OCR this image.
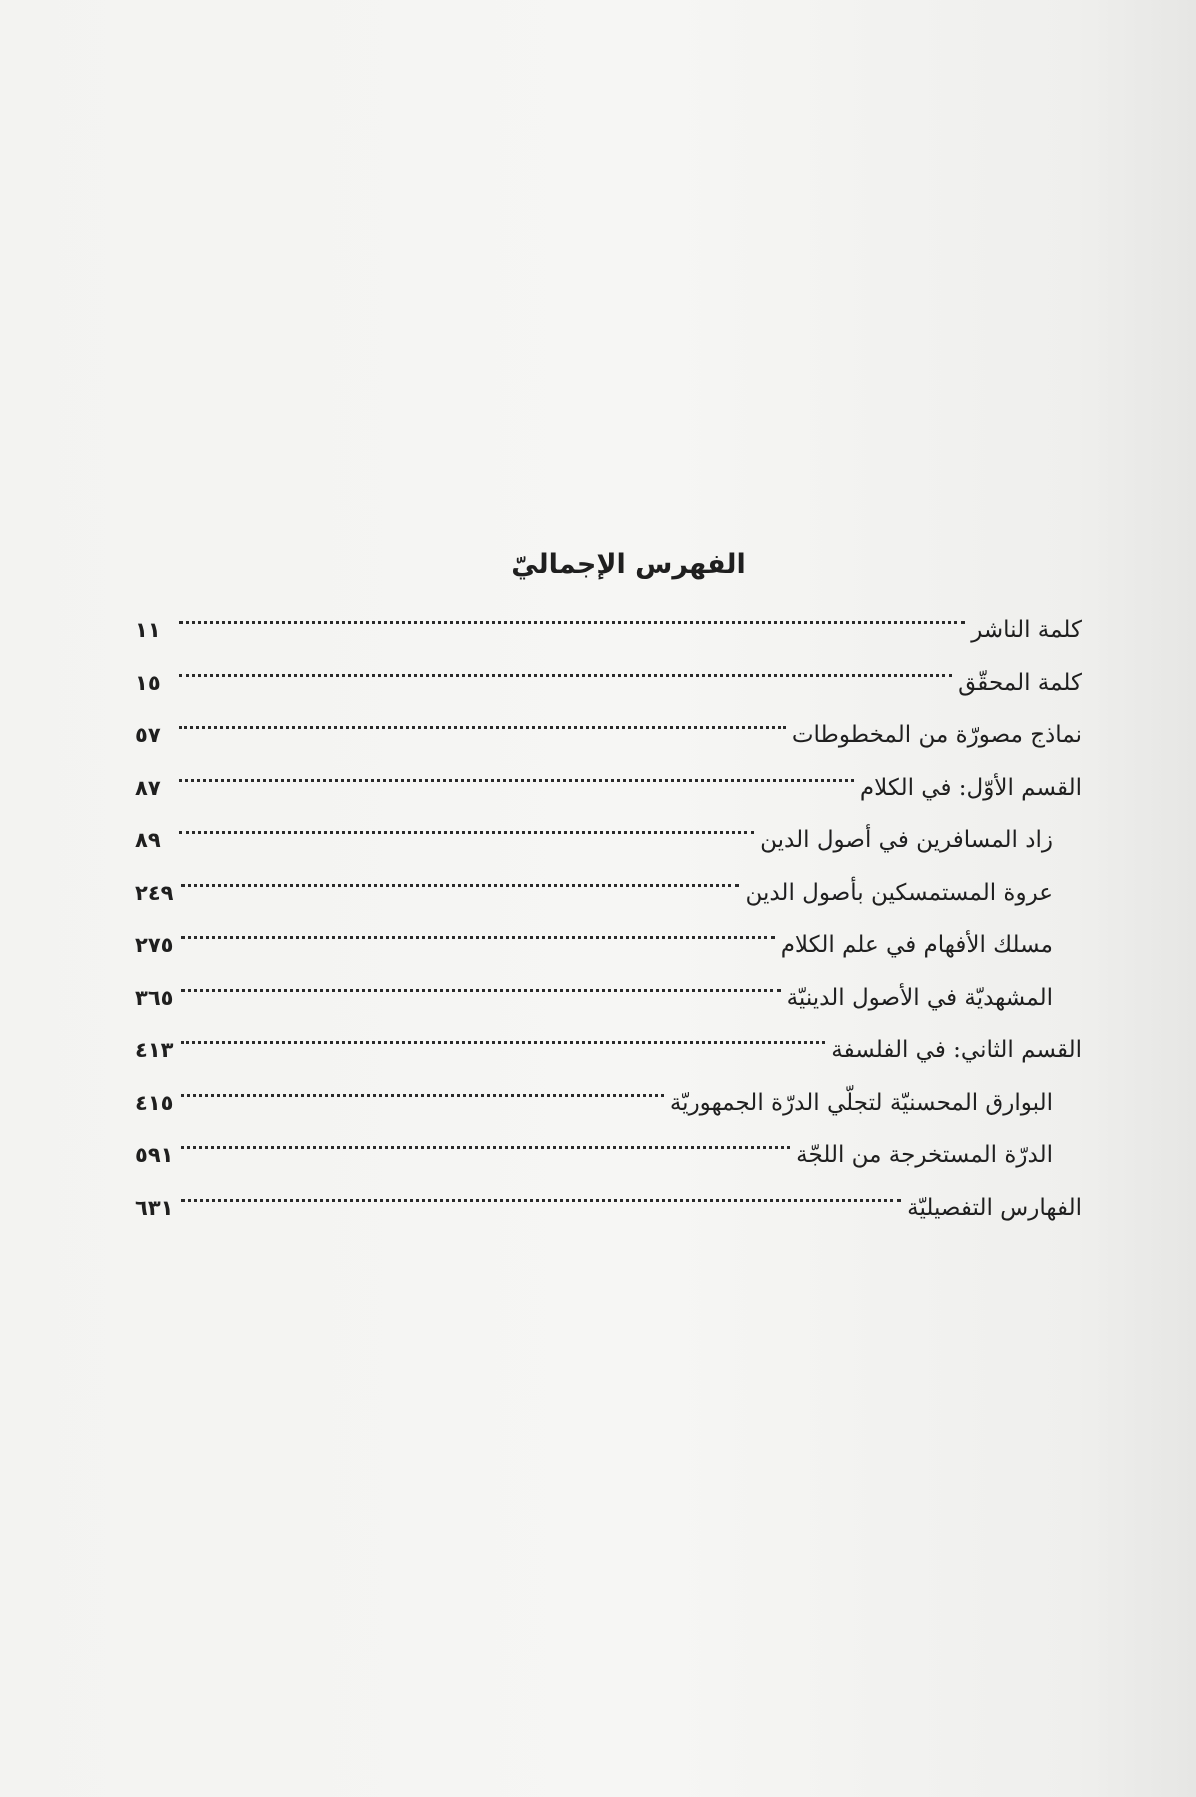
الفهرس الإجماليّ
كلمة الناشر
١١
كلمة المحقّق
١٥
نماذج مصورّة من المخطوطات
٥٧
القسم الأوّل: في الكلام
٨٧
زاد المسافرين في أصول الدين
٨٩
عروة المستمسكين بأصول الدين
٢٤٩
مسلك الأفهام في علم الكلام
٢٧٥
المشهديّة في الأصول الدينيّة
٣٦٥
القسم الثاني: في الفلسفة
٤١٣
البوارق المحسنيّة لتجلّي الدرّة الجمهوريّة
٤١٥
الدرّة المستخرجة من اللجّة
٥٩١
الفهارس التفصيليّة
٦٣١
